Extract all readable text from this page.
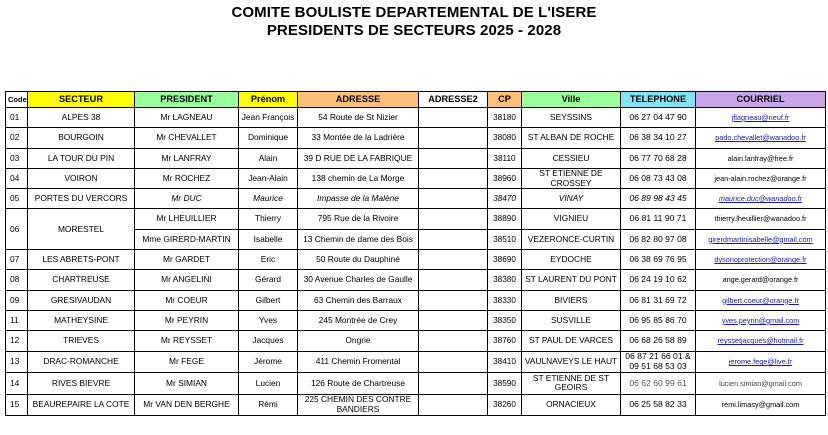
COMITE BOULISTE DEPARTEMENTAL DE L'ISERE
PRESIDENTS DE SECTEURS 2025 - 2028
Code	SECTEUR	PRESIDENT	Prénom	ADRESSE	ADRESSE2	CP	Ville	TELEPHONE	COURRIEL
01	ALPES 38	Mr LAGNEAU	Jean François	54 Route de St Nizier		38180	SEYSSINS	06 27 04 47 90	jflagneau@neuf.fr
02	BOURGOIN	Mr CHEVALLET	Dominique	33 Montée de la Ladrière		38080	ST ALBAN DE ROCHE	06 38 34 10 27	pado.chevallet@wanadoo.fr
03	LA TOUR DU PIN	Mr LANFRAY	Alain	39 D RUE DE LA FABRIQUE		38110	CESSIEU	06 77 70 68 28	alain.lanfray@free.fr
04	VOIRON	Mr ROCHEZ	Jean-Alain	138 chemin de La Morge		38960	ST ETIENNE DE CROSSEY	06 08 73 43 08	jean-alain.rochez@orange.fr
05	PORTES DU VERCORS	Mr DUC	Maurice	Impasse de la Malène		38470	VINAY	06 89 98 43 45	maurice.duc@wanadoo.fr
06	MORESTEL	Mr LHEUILLIER	Thierry	795 Rue de la Rivoire		38890	VIGNIEU	06 81 11 90 71	thierry.lheuillier@wanadoo.fr
		Mme GIRERD-MARTIN	Isabelle	13 Chemin de dame des Bois		38510	VEZERONCE-CURTIN	06 82 80 97 08	girerdmartinisabelle@gmail.com
07	LES ABRETS-PONT	Mr GARDET	Eric	50 Route du Dauphiné		38690	EYDOCHE	06 38 69 76 95	dysonoprotection@orange.fr
08	CHARTREUSE	Mr ANGELINI	Gérard	30 Avenue Charles de Gaulle		38380	ST LAURENT DU PONT	06 24 19 10 62	ange.gerard@orange.fr
09	GRESIVAUDAN	Mr COEUR	Gilbert	63 Chemin des Barraux		38330	BIVIERS	06 81 31 69 72	gilbert.coeur@orange.fr
11	MATHEYSINE	Mr PEYRIN	Yves	245 Montrée de Crey		38350	SUSVILLE	06 95 85 86 70	yves.peyrin@gmail.com
12	TRIEVES	Mr REYSSET	Jacques	Ongrie		38760	ST PAUL DE VARCES	06 68 26 58 89	reyssetjacques@hotmail.fr
13	DRAC-ROMANCHE	Mr FEGE	Jérome	411 Chemin Fromental		38410	VAULNAVEYS LE HAUT	06 87 21 66 01 & 09 51 68 53 03	jerome.fege@live.fr
14	RIVES BIEVRE	Mr SIMIAN	Lucien	126 Route de Chartreuse		38590	ST ETIENNE DE ST GEOIRS	06 62 60 99 61	lucien.simian@gmail.com
15	BEAUREPAIRE LA COTE	Mr VAN DEN BERGHE	Rémi	225 CHEMIN DES CONTRE BANDIERS		38260	ORNACIEUX	06 25 58 82 33	remi.limasy@gmail.com
